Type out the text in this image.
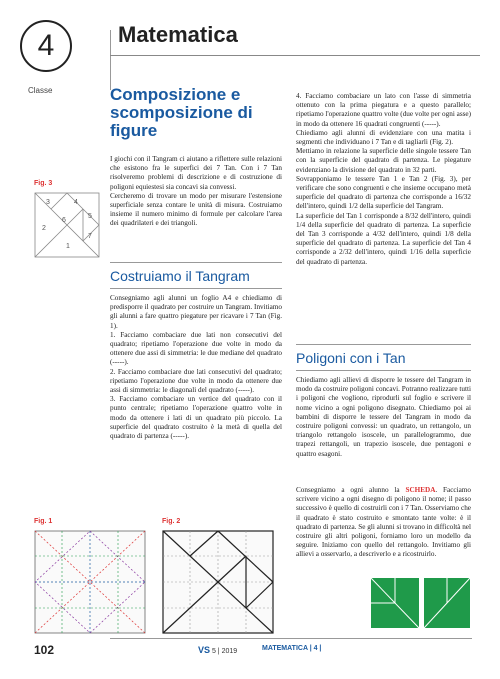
4
Classe
Matematica
Composizione e scomposizione di figure
Fig. 3
3	4
5
2
6
7
1

I giochi con il Tangram ci aiutano a riflettere sulle relazioni che esistono fra le superfici dei 7 Tan. Con i 7 Tan risolveremo problemi di descrizione e di costruzione di poligoni equiestesi sia concavi sia convessi.

Cercheremo di trovare un modo per misurare l'estensione superficiale senza contare le unità di misura. Costruiamo insieme il numero minimo di formule per calcolare l'area dei quadrilateri e dei triangoli.

Costruiamo il Tangram

Consegniamo agli alunni un foglio A4 e chiediamo di predisporre il quadrato per costruire un Tangram. Invitiamo gli alunni a fare quattro piegature per ricavare i 7 Tan (Fig. 1).

1. Facciamo combaciare due lati non consecutivi del quadrato; ripetiamo l'operazione due volte in modo da ottenere due assi di simmetria: le due mediane del quadrato (-----).

2. Facciamo combaciare due lati consecutivi del quadrato; ripetiamo l'operazione due volte in modo da ottenere due assi di simmetria: le diagonali del quadrato (-----).

3. Facciamo combaciare un vertice del quadrato con il punto centrale; ripetiamo l'operazione quattro volte in modo da ottenere i lati di un quadrato più piccolo. La superficie del quadrato costruito è la metà di quella del quadrato di partenza (-----).

4. Facciamo combaciare un lato con l'asse di simmetria ottenuto con la prima piegatura e a questo parallelo; ripetiamo l'operazione quattro volte (due volte per ogni asse) in modo da ottenere 16 quadrati congruenti (-----).

Chiediamo agli alunni di evidenziare con una matita i segmenti che individuano i 7 Tan e di tagliarli (Fig. 2).

Mettiamo in relazione la superficie delle singole tessere Tan con la superficie del quadrato di partenza. Le piegature evidenziano la divisione del quadrato in 32 parti.

Sovrapponiamo le tessere Tan 1 e Tan 2 (Fig. 3), per verificare che sono congruenti e che insieme occupano metà superficie del quadrato di partenza che corrisponde a 16/32 dell'intero, quindi 1/2 della superficie del Tangram.

La superficie del Tan 1 corrisponde a 8/32 dell'intero, quindi 1/4 della superficie del quadrato di partenza. La superficie del Tan 3 corrisponde a 4/32 dell'intero, quindi 1/8 della superficie del quadrato di partenza. La superficie del Tan 4 corrisponde a 2/32 dell'intero, quindi 1/16 della superficie del quadrato di partenza.

Poligoni con i Tan

Chiediamo agli allievi di disporre le tessere del Tangram in modo da costruire poligoni concavi. Potranno realizzare tutti i poligoni che vogliono, riprodurli sul foglio e scrivere il nome vicino a ogni poligono disegnato. Chiediamo poi ai bambini di disporre le tessere del Tangram in modo da costruire poligoni convessi: un quadrato, un rettangolo, un triangolo rettangolo isoscele, un parallelogrammo, due trapezi rettangoli, un trapezio isoscele, due pentagoni e quattro esagoni.

Consegniamo a ogni alunno la SCHEDA. Facciamo scrivere vicino a ogni disegno di poligono il nome; il passo successivo è quello di costruirli con i 7 Tan. Osserviamo che il quadrato è stato costruito e smontato tante volte: è il quadrato di partenza. Se gli alunni si trovano in difficoltà nel costruire gli altri poligoni, forniamo loro un modello da seguire. Iniziamo con quello del rettangolo. Invitiamo gli allievi a osservarlo, a descriverlo e a ricostruirlo.

Fig. 1	Fig. 2
102	VS 5 | 2019	MATEMATICA | 4 |
